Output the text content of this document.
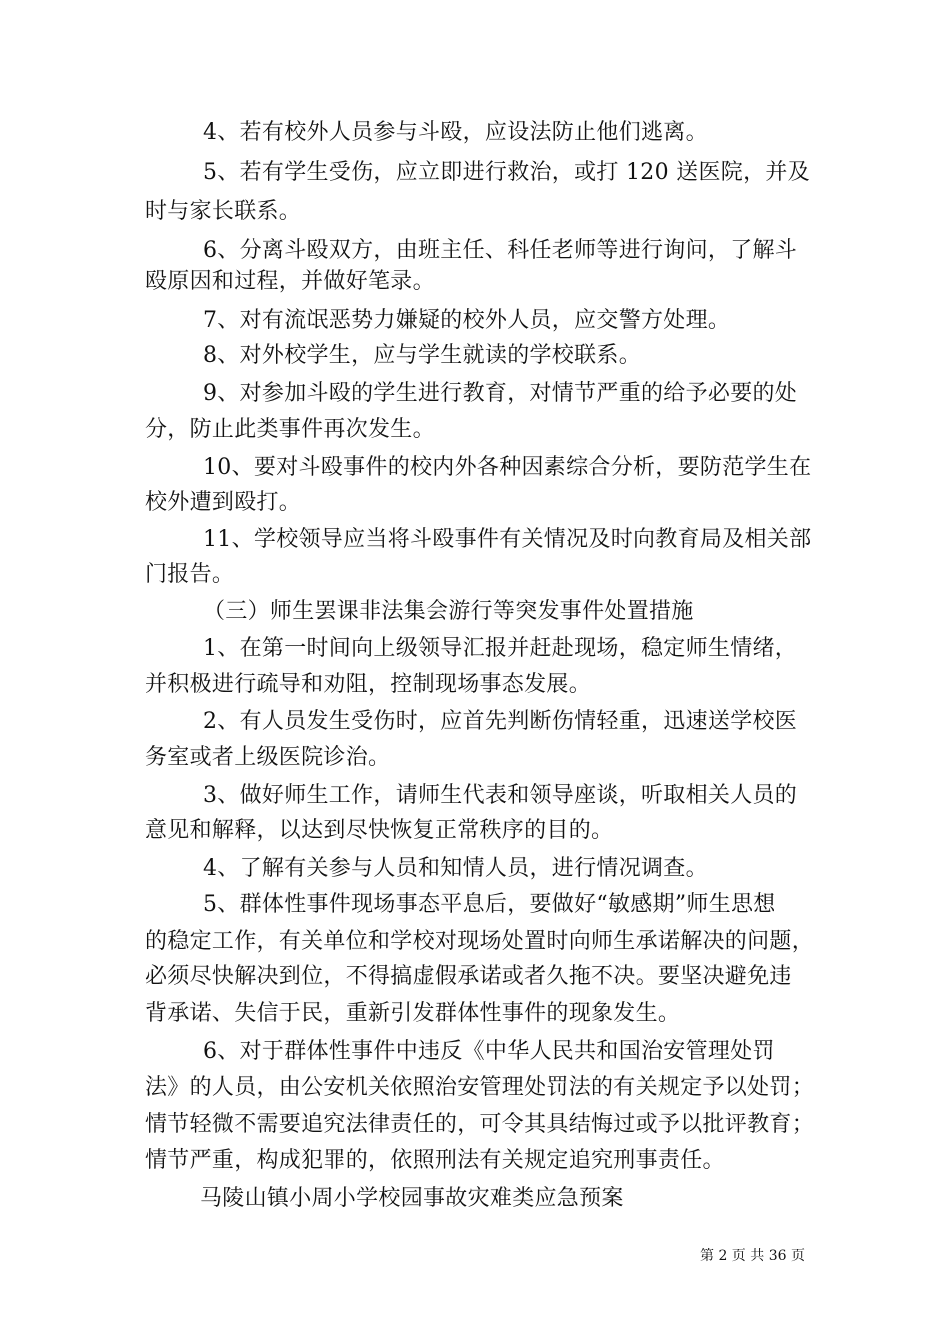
4、若有校外人员参与斗殴，应设法防止他们逃离。
5、若有学生受伤，应立即进行救治，或打 120 送医院，并及
时与家长联系。
6、分离斗殴双方，由班主任、科任老师等进行询问，了解斗
殴原因和过程，并做好笔录。
7、对有流氓恶势力嫌疑的校外人员，应交警方处理。
8、对外校学生，应与学生就读的学校联系。
9、对参加斗殴的学生进行教育，对情节严重的给予必要的处
分，防止此类事件再次发生。
10、要对斗殴事件的校内外各种因素综合分析，要防范学生在
校外遭到殴打。
11、学校领导应当将斗殴事件有关情况及时向教育局及相关部
门报告。
（三）师生罢课非法集会游行等突发事件处置措施
1、在第一时间向上级领导汇报并赶赴现场，稳定师生情绪，
并积极进行疏导和劝阻，控制现场事态发展。
2、有人员发生受伤时，应首先判断伤情轻重，迅速送学校医
务室或者上级医院诊治。
3、做好师生工作，请师生代表和领导座谈，听取相关人员的
意见和解释，以达到尽快恢复正常秩序的目的。
4、了解有关参与人员和知情人员，进行情况调查。
5、群体性事件现场事态平息后，要做好“敏感期”师生思想
的稳定工作，有关单位和学校对现场处置时向师生承诺解决的问题，
必须尽快解决到位，不得搞虚假承诺或者久拖不决。要坚决避免违
背承诺、失信于民，重新引发群体性事件的现象发生。
6、对于群体性事件中违反《中华人民共和国治安管理处罚
法》的人员，由公安机关依照治安管理处罚法的有关规定予以处罚；
情节轻微不需要追究法律责任的，可令其具结悔过或予以批评教育；
情节严重，构成犯罪的，依照刑法有关规定追究刑事责任。
马陵山镇小周小学校园事故灾难类应急预案
第 2 页 共 36 页
